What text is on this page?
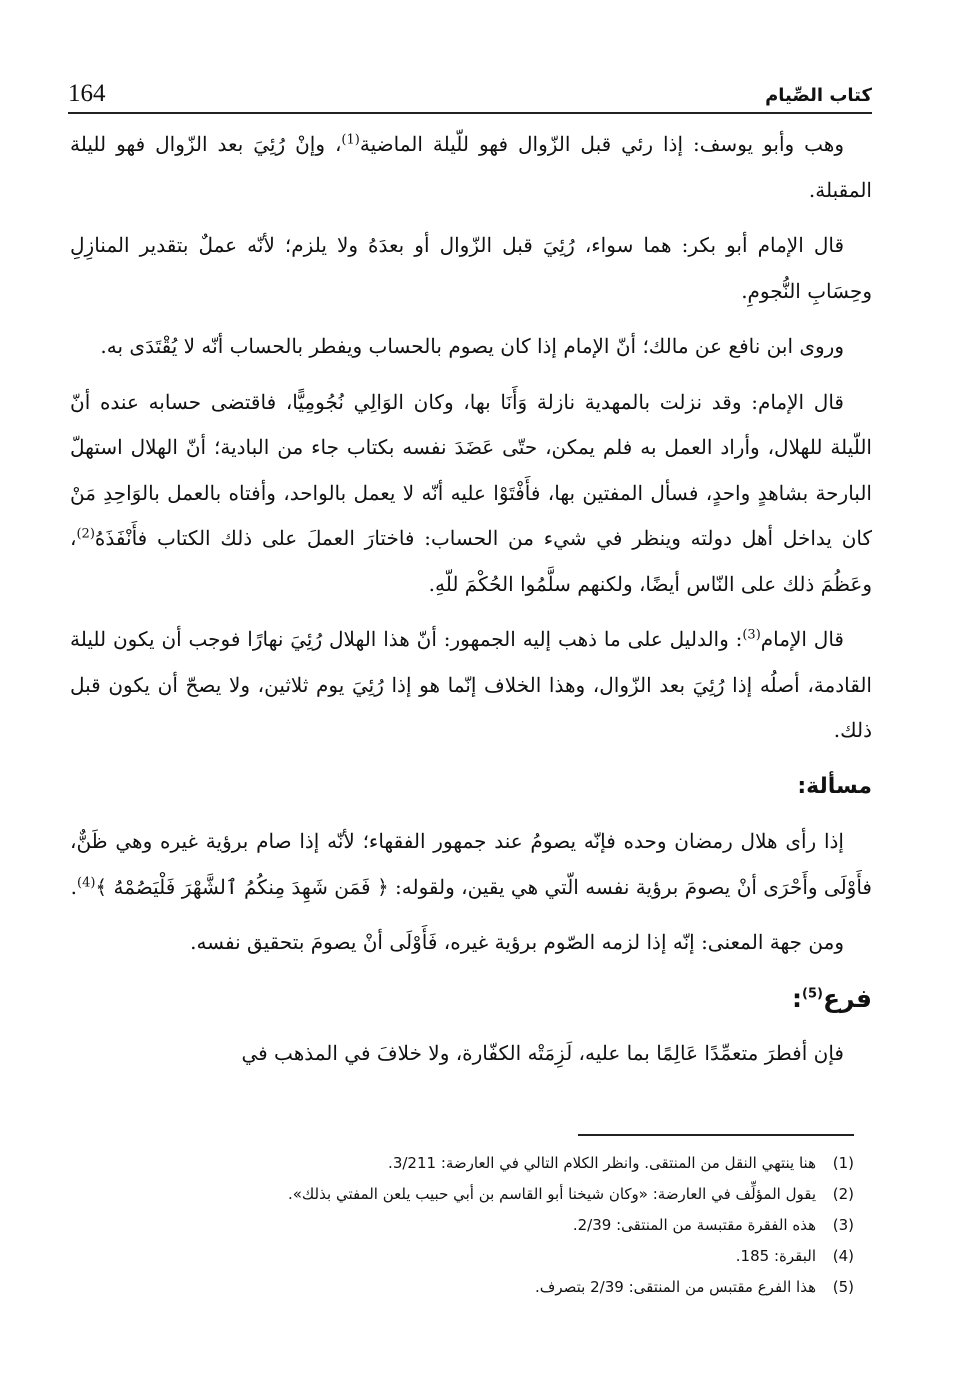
164	كتاب الصِّيام

وهب وأبو يوسف: إذا رئي قبل الزّوال فهو للّيلة الماضية$^{(1)}$، وإنْ رُئِيَ بعد الزّوال فهو لليلة المقبلة.

قال الإمام أبو بكر: هما سواء، رُئِيَ قبل الزّوال أو بعدَهُ ولا يلزم؛ لأنّه عملٌ بتقدير المنازِلِ وحِسَابِ النُّجومِ.

وروى ابن نافع عن مالك؛ أنّ الإمام إذا كان يصوم بالحساب ويفطر بالحساب أنّه لا يُقْتَدَى به.

قال الإمام: وقد نزلت بالمهدية نازلة وَأَنَا بها، وكان الوَالِي نُجُومِيًّا، فاقتضى حسابه عنده أنّ اللّيلة للهلال، وأراد العمل به فلم يمكن، حتّى عَضَدَ نفسه بكتاب جاء من البادية؛ أنّ الهلال استهلّ البارحة بشاهدٍ واحدٍ، فسأل المفتين بها، فأَفْتَوْا عليه أنّه لا يعمل بالواحد، وأفتاه بالعمل بالوَاحِدِ مَنْ كان يداخل أهل دولته وينظر في شيء من الحساب: فاختارَ العملَ على ذلك الكتاب فأَنْفَذَهُ$^{(2)}$، وعَظُمَ ذلك على النّاس أيضًا، ولكنهم سلَّمُوا الحُكْمَ للّهِ.

قال الإمام$^{(3)}$: والدليل على ما ذهب إليه الجمهور: أنّ هذا الهلال رُئِيَ نهارًا فوجب أن يكون لليلة القادمة، أصلُه إذا رُئِيَ بعد الزّوال، وهذا الخلاف إنّما هو إذا رُئِيَ يوم ثلاثين، ولا يصحّ أن يكون قبل ذلك.

مسألة:

إذا رأى هلال رمضان وحده فإنّه يصومُ عند جمهور الفقهاء؛ لأنّه إذا صام برؤية غيره وهي ظَنٌّ، فأَوْلَى وأَحْرَى أنْ يصومَ برؤية نفسه الّتي هي يقين، ولقوله: ﴿ فَمَن شَهِدَ مِنكُمُ ٱلشَّهْرَ فَلْيَصُمْهُ ﴾$^{(4)}$.

ومن جهة المعنى: إنّه إذا لزمه الصّوم برؤية غيره، فَأَوْلَى أنْ يصومَ بتحقيق نفسه.

فرع$^{(5)}$:

فإن أفطرَ متعمِّدًا عَالِمًا بما عليه، لَزِمَتْه الكفّارة، ولا خلافَ في المذهب في

(1)هنا ينتهي النقل من المنتقى. وانظر الكلام التالي في العارضة: 3/211.
(2)يقول المؤلِّف في العارضة: «وكان شيخنا أبو القاسم بن أبي حبيب يلعن المفتي بذلك».
(3)هذه الفقرة مقتبسة من المنتقى: 2/39.
(4)البقرة: 185.
(5)هذا الفرع مقتبس من المنتقى: 2/39 بتصرف.
